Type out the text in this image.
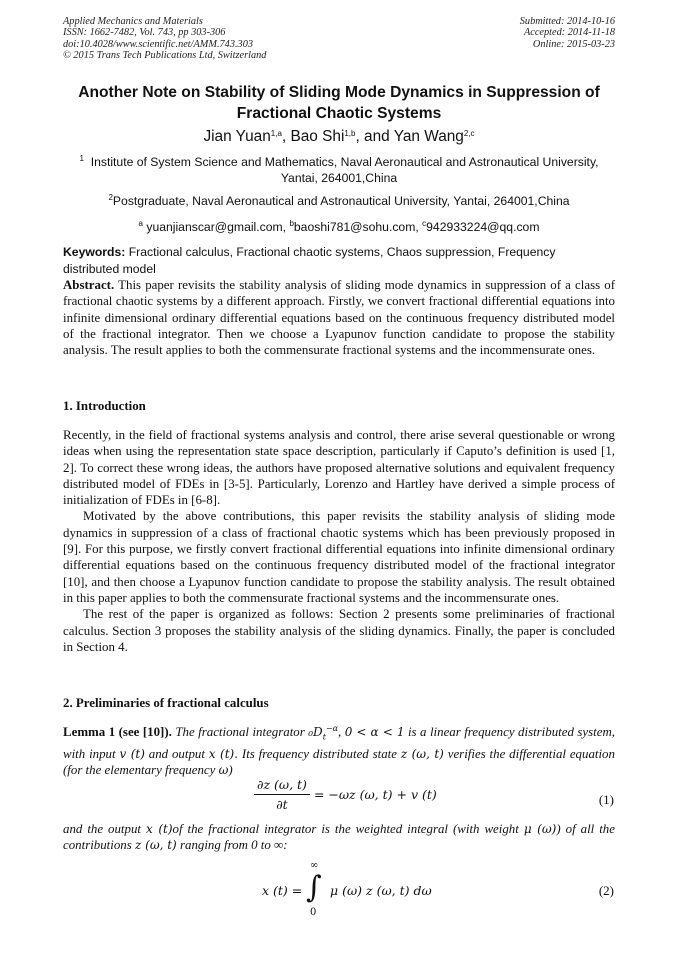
Applied Mechanics and Materials
ISSN: 1662-7482, Vol. 743, pp 303-306
doi:10.4028/www.scientific.net/AMM.743.303
© 2015 Trans Tech Publications Ltd, Switzerland
Submitted: 2014-10-16
Accepted: 2014-11-18
Online: 2015-03-23
Another Note on Stability of Sliding Mode Dynamics in Suppression of Fractional Chaotic Systems
Jian Yuan$^{1,a}$, Bao Shi$^{1,b}$, and Yan Wang$^{2,c}$
$^1$ Institute of System Science and Mathematics, Naval Aeronautical and Astronautical University, Yantai, 264001,China
$^2$Postgraduate, Naval Aeronautical and Astronautical University, Yantai, 264001,China
$^a$ yuanjianscar@gmail.com, $^b$baoshi781@sohu.com, $^c$942933224@qq.com
Keywords: Fractional calculus, Fractional chaotic systems, Chaos suppression, Frequency distributed model
Abstract. This paper revisits the stability analysis of sliding mode dynamics in suppression of a class of fractional chaotic systems by a different approach. Firstly, we convert fractional differential equations into infinite dimensional ordinary differential equations based on the continuous frequency distributed model of the fractional integrator. Then we choose a Lyapunov function candidate to propose the stability analysis. The result applies to both the commensurate fractional systems and the incommensurate ones.
1. Introduction

Recently, in the field of fractional systems analysis and control, there arise several questionable or wrong ideas when using the representation state space description, particularly if Caputo’s definition is used [1, 2]. To correct these wrong ideas, the authors have proposed alternative solutions and equivalent frequency distributed model of FDEs in [3-5]. Particularly, Lorenzo and Hartley have derived a simple process of initialization of FDEs in [6-8].

Motivated by the above contributions, this paper revisits the stability analysis of sliding mode dynamics in suppression of a class of fractional chaotic systems which has been previously proposed in [9]. For this purpose, we firstly convert fractional differential equations into infinite dimensional ordinary differential equations based on the continuous frequency distributed model of the fractional integrator [10], and then choose a Lyapunov function candidate to propose the stability analysis. The result obtained in this paper applies to both the commensurate fractional systems and the incommensurate ones.

The rest of the paper is organized as follows: Section 2 presents some preliminaries of fractional calculus. Section 3 proposes the stability analysis of the sliding dynamics. Finally, the paper is concluded in Section 4.

2. Preliminaries of fractional calculus
Lemma 1 (see [10]). The fractional integrator $_0D_t^{-\alpha}$, 0 < α < 1 is a linear frequency distributed system, with input v (t) and output x (t). Its frequency distributed state z (ω, t) verifies the differential equation (for the elementary frequency ω)
$\frac{\partial z (\omega, t)}{\partial t} = -\omega z$ (ω, t) + v (t)	(1)
and the output x (t)of the fractional integrator is the weighted integral (with weight μ (ω)) of all the contributions z (ω, t) ranging from 0 to ∞:
x (t) =
∞
∫
0
μ (ω) z (ω, t) dω	(2)
